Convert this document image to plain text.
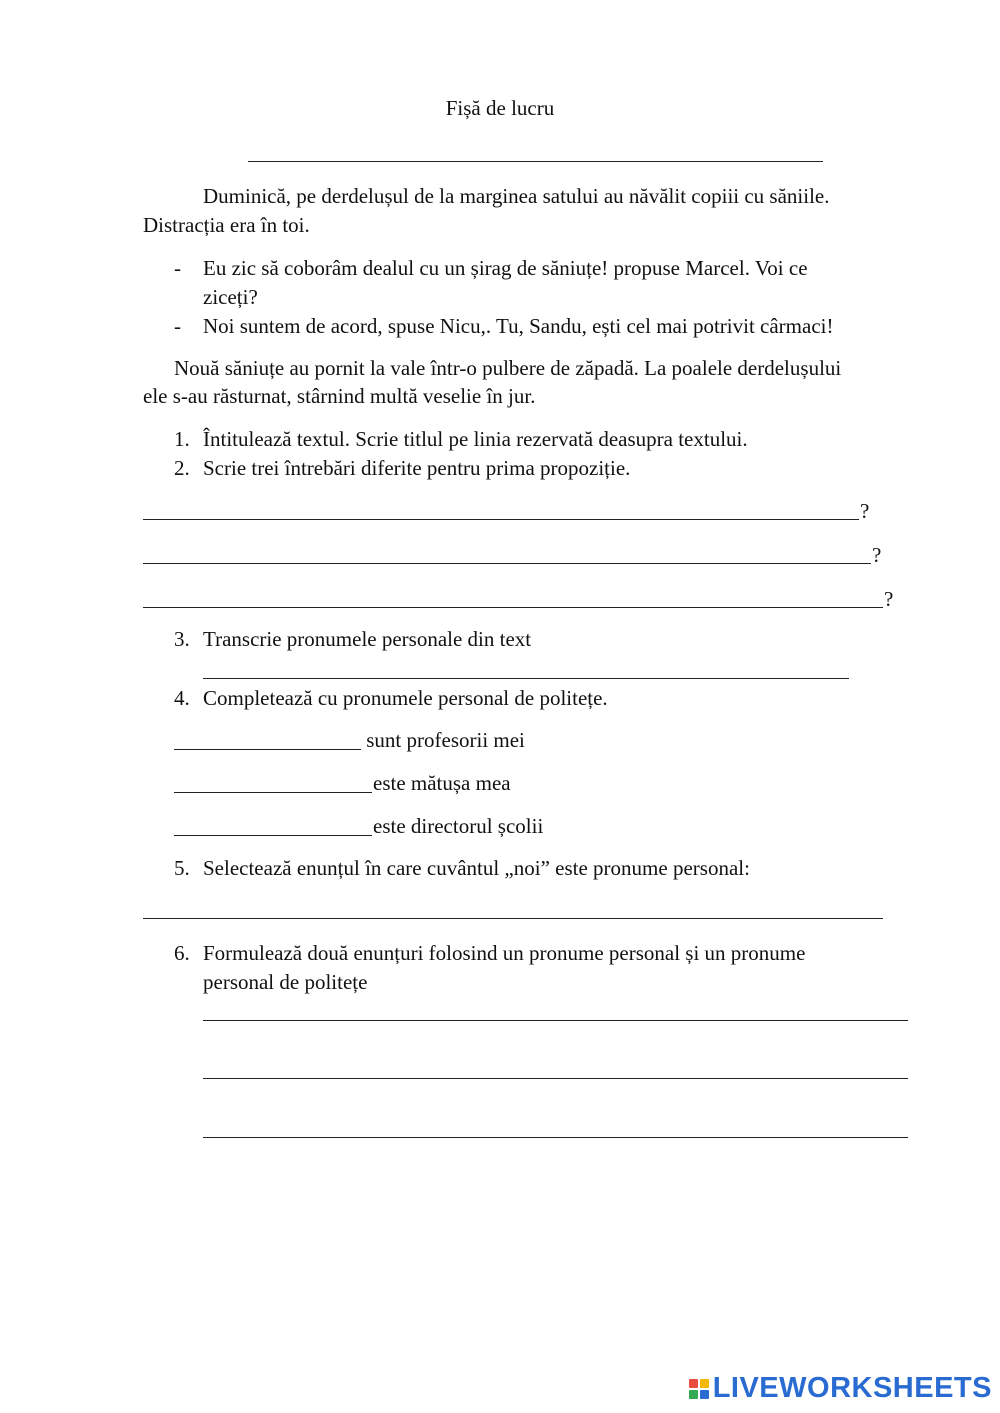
Fișă de lucru
Duminică, pe derdelușul de la marginea satului au năvălit copiii cu săniile.
Distracția era în toi.
- Eu zic să coborâm dealul cu un șirag de săniuțe! propuse Marcel. Voi ce
ziceți?
- Noi suntem de acord, spuse Nicu,. Tu, Sandu, ești cel mai potrivit cârmaci!
Nouă săniuțe au pornit la vale într-o pulbere de zăpadă. La poalele derdelușului
ele s-au răsturnat, stârnind multă veselie în jur.
1. Întitulează textul. Scrie titlul pe linia rezervată deasupra textului.
2. Scrie trei întrebări diferite pentru prima propoziție.
?
?
?
3. Transcrie pronumele personale din text
4. Completează cu pronumele personal de politețe.
sunt profesorii mei
este mătușa mea
este directorul școlii
5. Selectează enunțul în care cuvântul „noi” este pronume personal:
6. Formulează două enunțuri folosind un pronume personal și un pronume
personal de politețe
LIVEWORKSHEETS
